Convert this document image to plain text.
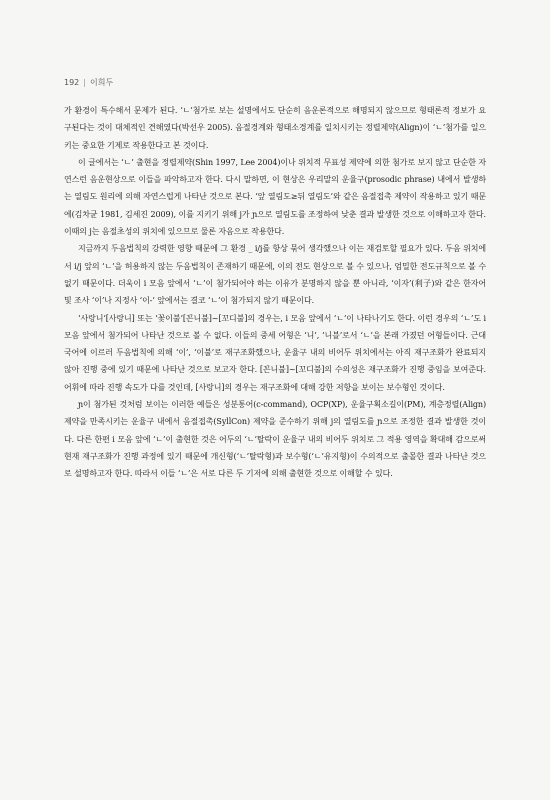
192 | 이희두

가 환경이 특수해서 문제가 된다. ‘ㄴ’첨가로 보는 설명에서도 단순히 음운론적으로 해명되지 않으므로 형태론적 정보가 요구된다는 것이 대체적인 견해였다(박선우 2005). 음절경계와 형태소경계를 일치시키는 정렬제약(Align)이 ‘ㄴ’첨가를 일으키는 중요한 기제로 작용한다고 본 것이다.

이 글에서는 ‘ㄴ’ 출현을 정렬제약(Shin 1997, Lee 2004)이나 위치적 무표성 제약에 의한 첨가로 보지 않고 단순한 자연스런 음운현상으로 이들을 파악하고자 한다. 다시 말하면, 이 현상은 우리말의 운율구(prosodic phrase) 내에서 발생하는 열림도 원리에 의해 자연스럽게 나타난 것으로 본다. ‘앞 열림도≥뒤 열림도’와 같은 음절접촉 제약이 작용하고 있기 때문에(김차균 1981, 김세진 2009), 이를 지키기 위해 j가 ɲ으로 열림도를 조정하여 낮춘 결과 발생한 것으로 이해하고자 한다. 이때의 j는 음절초성의 위치에 있으므로 물론 자음으로 작용한다.

지금까지 두음법칙의 강력한 영향 때문에 그 환경 _ i/j를 항상 묶어 생각했으나 이는 재검토할 필요가 있다. 두음 위치에서 i/j 앞의 ‘ㄴ’을 허용하지 않는 두음법칙이 존재하기 때문에, 이의 전도 현상으로 볼 수 있으나, 엄밀한 전도규칙으로 볼 수 없기 때문이다. 더욱이 i 모음 앞에서 ‘ㄴ’이 첨가되어야 하는 이유가 분명하지 않을 뿐 아니라, ‘이자’(利子)와 같은 한자어 및 조사 ‘이’나 지정사 ‘이-’ 앞에서는 결코 ‘ㄴ’이 첨가되지 않기 때문이다.

‘사랑니’[사랑니] 또는 ‘꽃이불’[꼰니불]~[꼬디불]의 경우는, i 모음 앞에서 ‘ㄴ’이 나타나기도 한다. 이런 경우의 ‘ㄴ’도 i 모음 앞에서 첨가되어 나타난 것으로 볼 수 없다. 이들의 중세 어형은 ‘니’, ‘니블’로서 ‘ㄴ’을 본래 가졌던 어형들이다. 근대국어에 이르러 두음법칙에 의해 ‘이’, ‘이불’로 재구조화했으나, 운율구 내의 비어두 위치에서는 아직 재구조화가 완료되지 않아 진행 중에 있기 때문에 나타난 것으로 보고자 한다. [꼰니불]~[꼬디불]의 수의성은 재구조화가 진행 중임을 보여준다. 어휘에 따라 진행 속도가 다를 것인데, [사랑니]의 경우는 재구조화에 대해 강한 저항을 보이는 보수형인 것이다.

ɲ이 첨가된 것처럼 보이는 이러한 예들은 성분통어(c-command), OCP(XP), 운율구획소길이(PM), 계층정렬(Align) 제약을 만족시키는 운율구 내에서 음절접촉(SyllCon) 제약을 준수하기 위해 j의 열림도를 ɲ으로 조정한 결과 발생한 것이다. 다른 한편 i 모음 앞에 ‘ㄴ’이 출현한 것은 어두의 ‘ㄴ’탈락이 운율구 내의 비어두 위치로 그 적용 영역을 확대해 감으로써 현재 재구조화가 진행 과정에 있기 때문에 개신형(‘ㄴ’탈락형)과 보수형(‘ㄴ’유지형)이 수의적으로 출몰한 결과 나타난 것으로 설명하고자 한다. 따라서 이들 ‘ㄴ’은 서로 다른 두 기저에 의해 출현한 것으로 이해할 수 있다.
